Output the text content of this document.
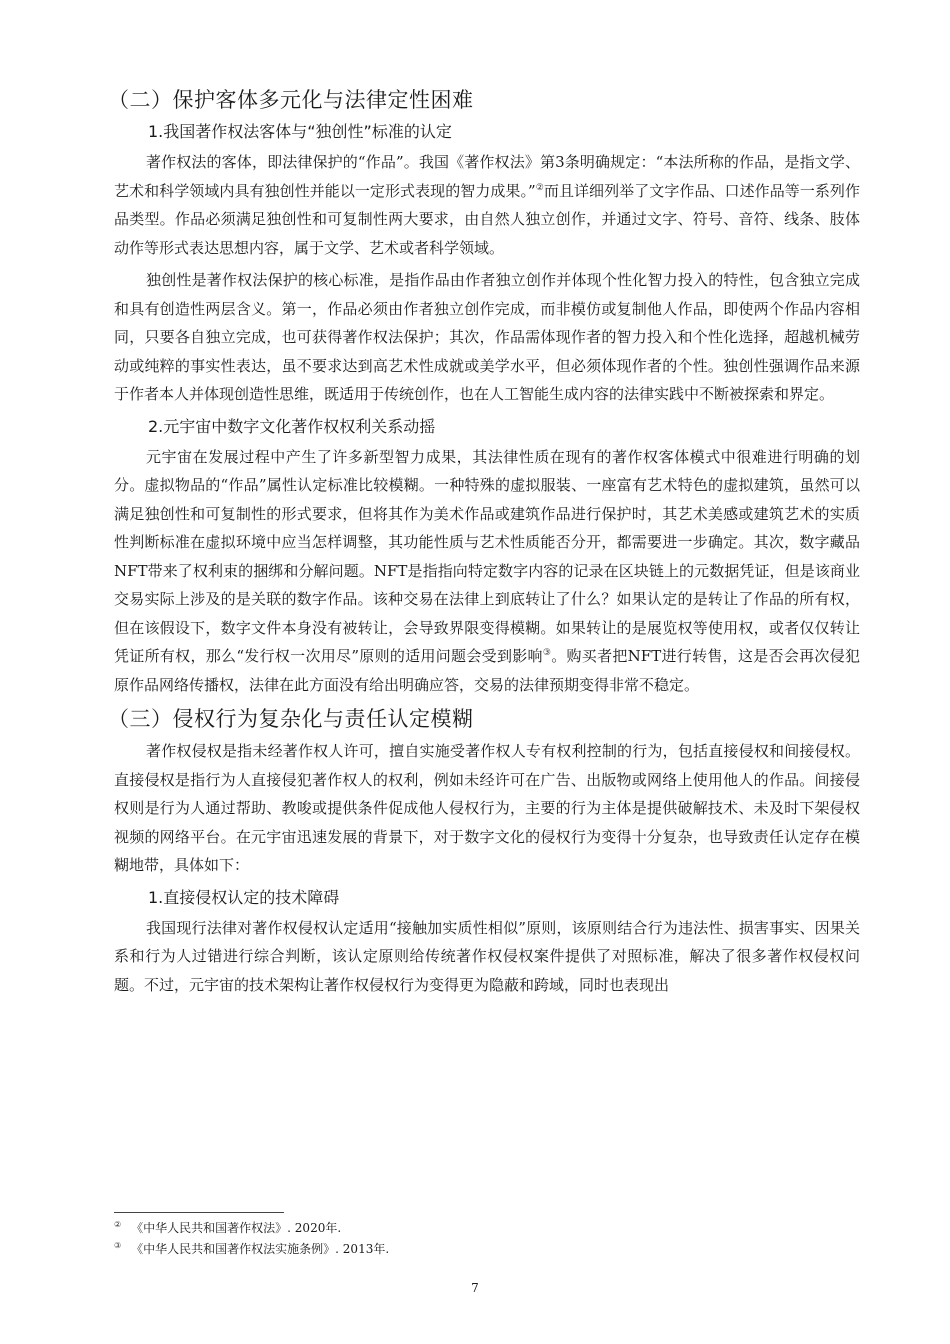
（二）保护客体多元化与法律定性困难
1.我国著作权法客体与“独创性”标准的认定

著作权法的客体，即法律保护的“作品”。我国《著作权法》第3条明确规定：“本法所称的作品，是指文学、艺术和科学领域内具有独创性并能以一定形式表现的智力成果。”②而且详细列举了文字作品、口述作品等一系列作品类型。作品必须满足独创性和可复制性两大要求，由自然人独立创作，并通过文字、符号、音符、线条、肢体动作等形式表达思想内容，属于文学、艺术或者科学领域。

独创性是著作权法保护的核心标准，是指作品由作者独立创作并体现个性化智力投入的特性，包含独立完成和具有创造性两层含义。第一，作品必须由作者独立创作完成，而非模仿或复制他人作品，即使两个作品内容相同，只要各自独立完成，也可获得著作权法保护；其次，作品需体现作者的智力投入和个性化选择，超越机械劳动或纯粹的事实性表达，虽不要求达到高艺术性成就或美学水平，但必须体现作者的个性。独创性强调作品来源于作者本人并体现创造性思维，既适用于传统创作，也在人工智能生成内容的法律实践中不断被探索和界定。

2.元宇宙中数字文化著作权权利关系动摇

元宇宙在发展过程中产生了许多新型智力成果，其法律性质在现有的著作权客体模式中很难进行明确的划分。虚拟物品的“作品”属性认定标准比较模糊。一种特殊的虚拟服装、一座富有艺术特色的虚拟建筑，虽然可以满足独创性和可复制性的形式要求，但将其作为美术作品或建筑作品进行保护时，其艺术美感或建筑艺术的实质性判断标准在虚拟环境中应当怎样调整，其功能性质与艺术性质能否分开，都需要进一步确定。其次，数字藏品NFT带来了权利束的捆绑和分解问题。NFT是指指向特定数字内容的记录在区块链上的元数据凭证，但是该商业交易实际上涉及的是关联的数字作品。该种交易在法律上到底转让了什么？如果认定的是转让了作品的所有权，但在该假设下，数字文件本身没有被转让，会导致界限变得模糊。如果转让的是展览权等使用权，或者仅仅转让凭证所有权，那么“发行权一次用尽”原则的适用问题会受到影响③。购买者把NFT进行转售，这是否会再次侵犯原作品网络传播权，法律在此方面没有给出明确应答，交易的法律预期变得非常不稳定。

（三）侵权行为复杂化与责任认定模糊

著作权侵权是指未经著作权人许可，擅自实施受著作权人专有权利控制的行为，包括直接侵权和间接侵权。直接侵权是指行为人直接侵犯著作权人的权利，例如未经许可在广告、出版物或网络上使用他人的作品。间接侵权则是行为人通过帮助、教唆或提供条件促成他人侵权行为，主要的行为主体是提供破解技术、未及时下架侵权视频的网络平台。在元宇宙迅速发展的背景下，对于数字文化的侵权行为变得十分复杂，也导致责任认定存在模糊地带，具体如下：

1.直接侵权认定的技术障碍

我国现行法律对著作权侵权认定适用“接触加实质性相似”原则，该原则结合行为违法性、损害事实、因果关系和行为人过错进行综合判断，该认定原则给传统著作权侵权案件提供了对照标准，解决了很多著作权侵权问题。不过，元宇宙的技术架构让著作权侵权行为变得更为隐蔽和跨域，同时也表现出

② 《中华人民共和国著作权法》. 2020年.
③ 《中华人民共和国著作权法实施条例》. 2013年.
7
